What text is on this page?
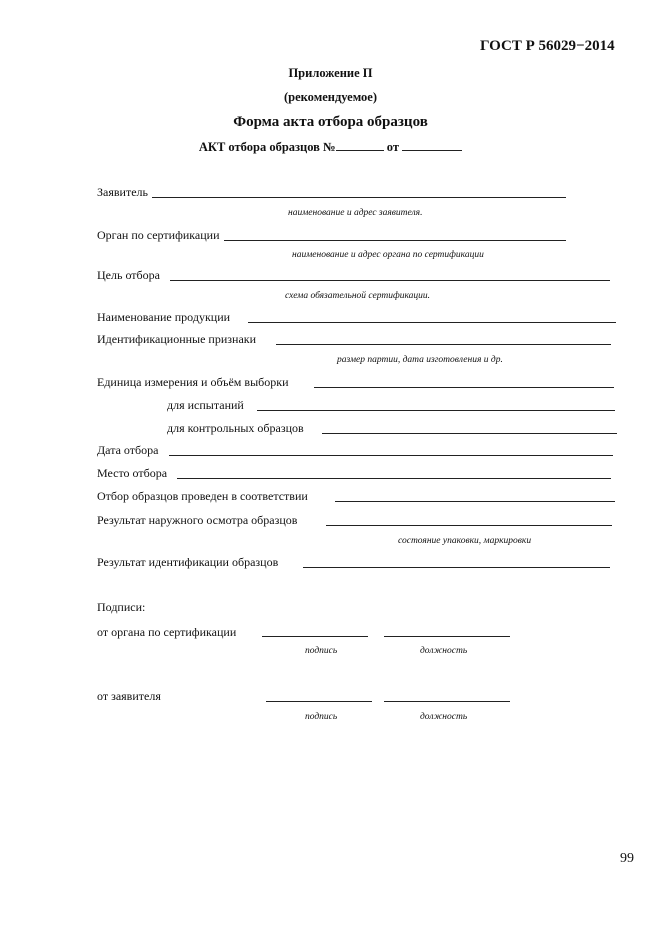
ГОСТ Р 56029−2014
Приложение П
(рекомендуемое)
Форма акта отбора образцов
АКТ отбора образцов №	от
Заявитель
наименование и адрес заявителя.
Орган по сертификации
наименование и адрес органа по сертификации
Цель отбора
схема обязательной сертификации.
Наименование продукции
Идентификационные признаки
размер партии, дата изготовления и др.
Единица измерения и объём выборки
для испытаний
для контрольных образцов
Дата отбора
Место отбора
Отбор образцов проведен в соответствии
Результат наружного осмотра образцов
состояние упаковки, маркировки
Результат идентификации образцов
Подписи:
от органа по сертификации
подпись	должность
от заявителя
подпись	должность
99
